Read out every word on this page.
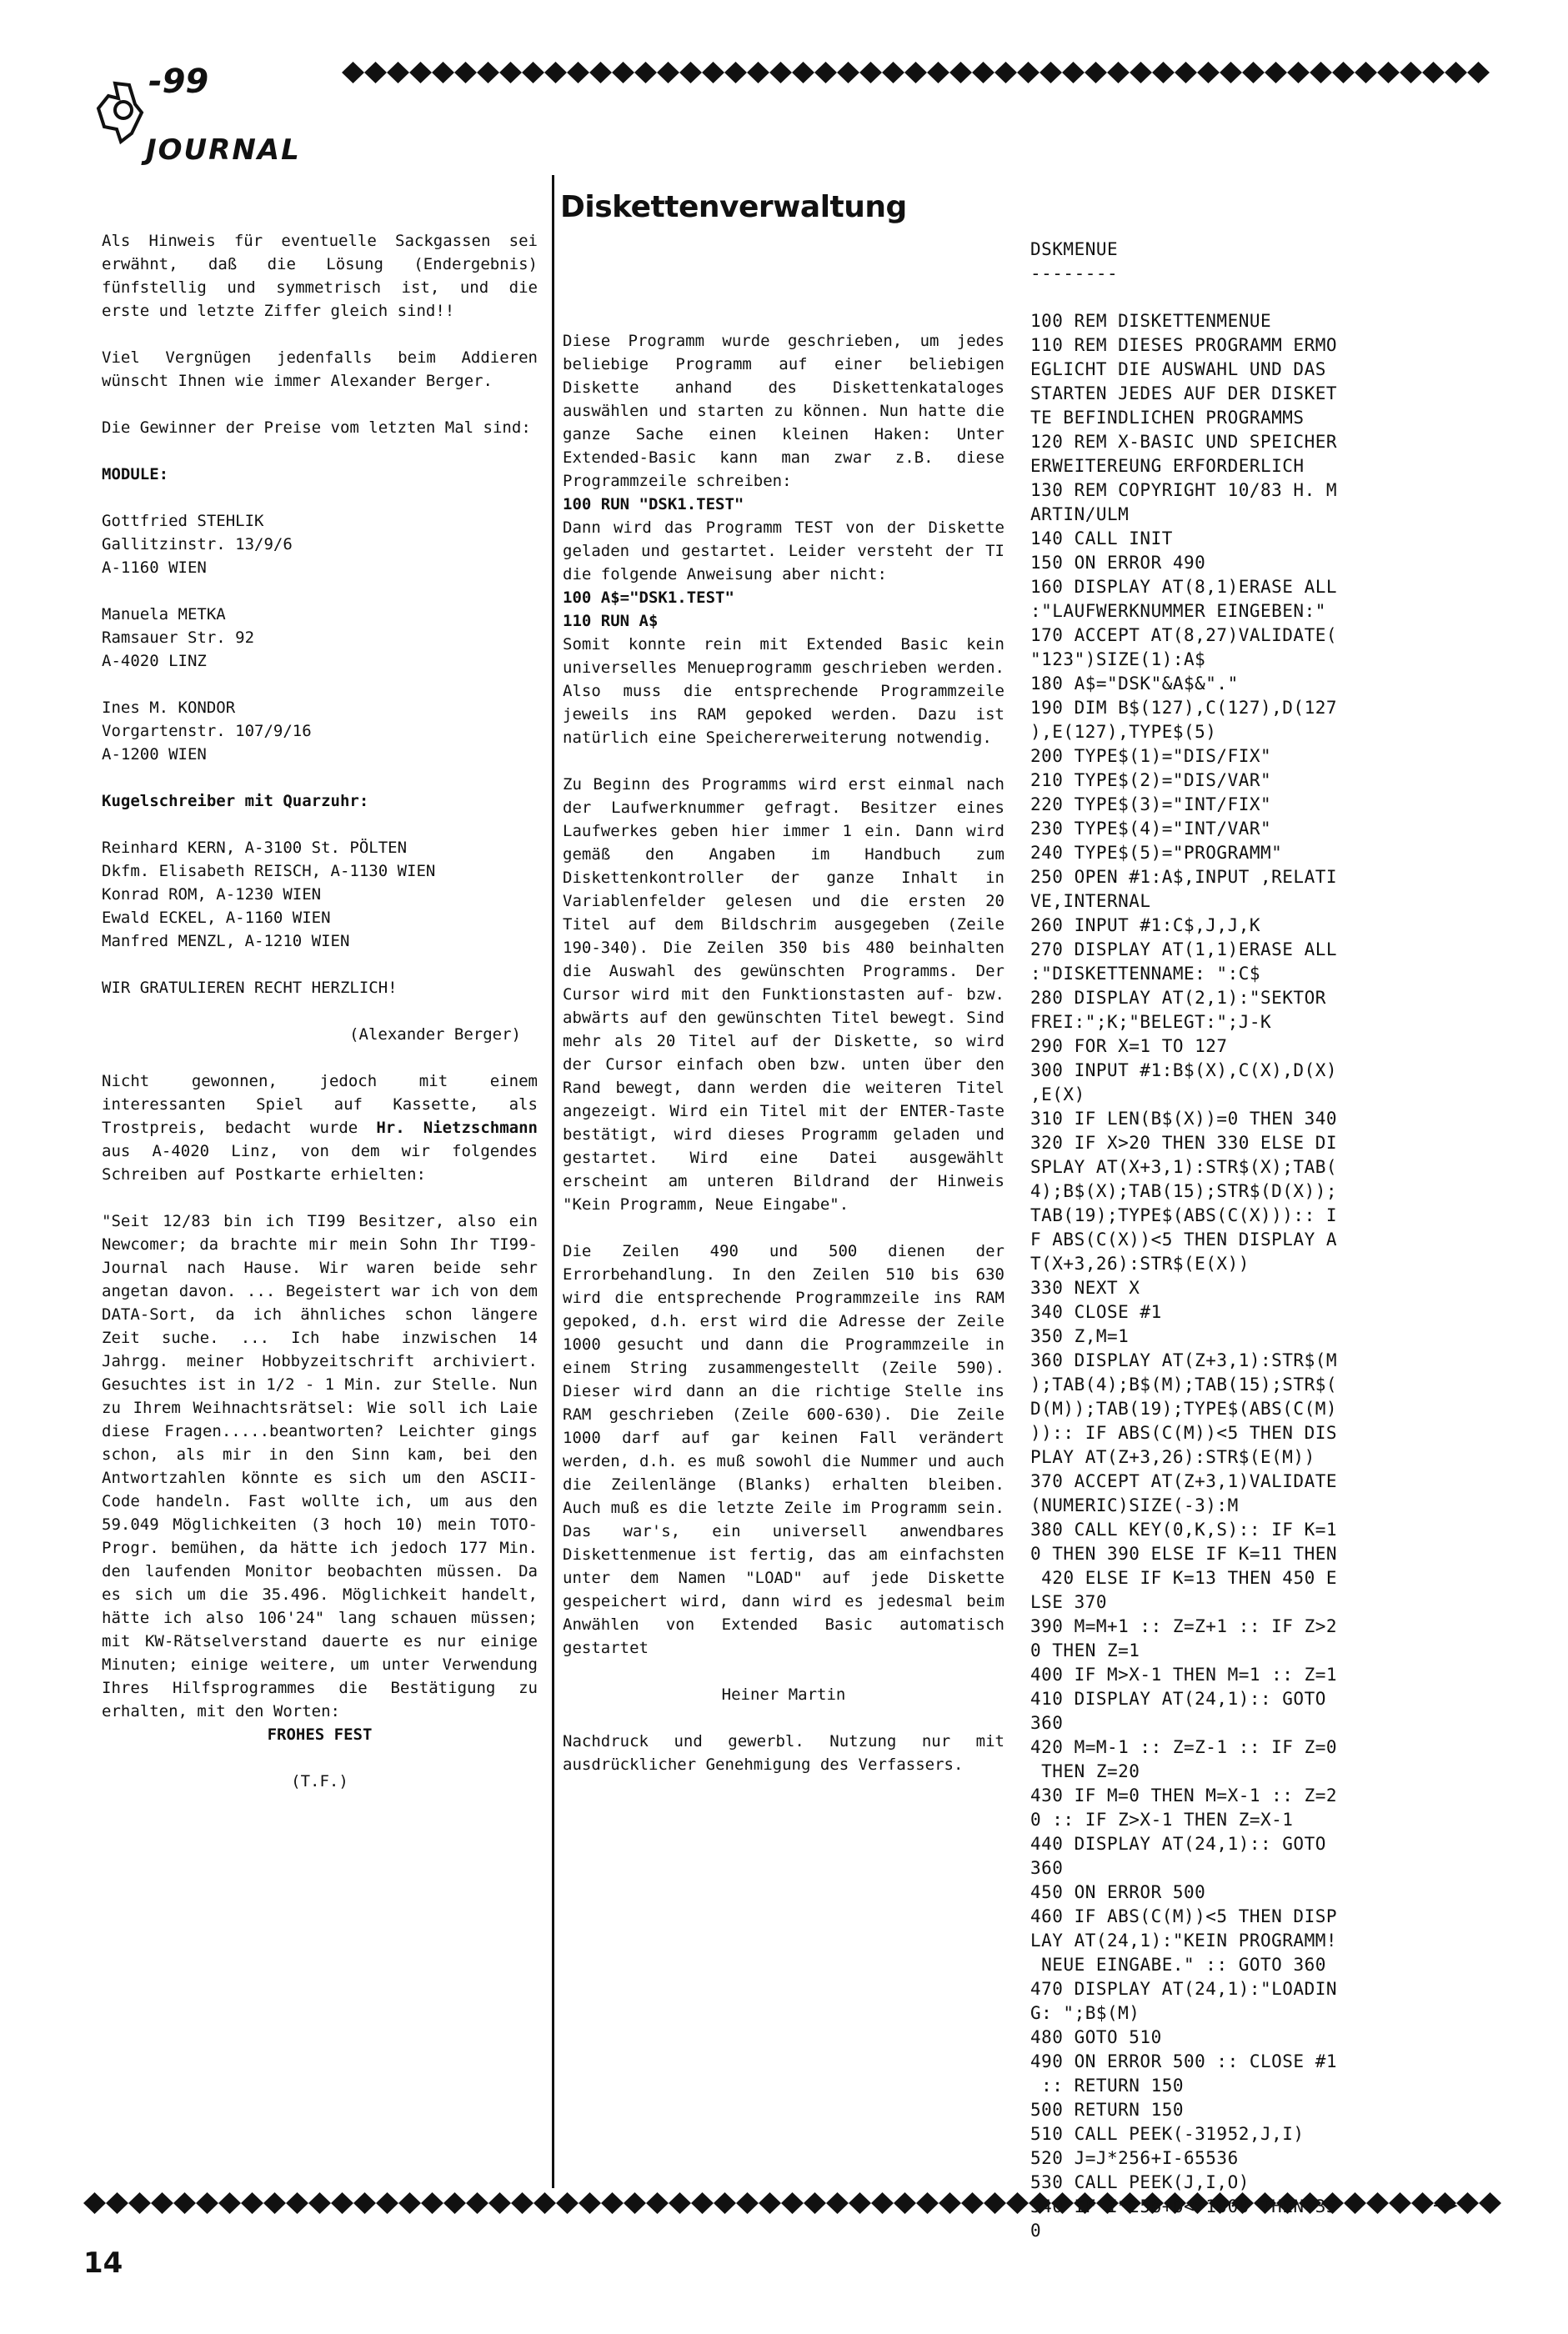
-99
JOURNAL

Als Hinweis für eventuelle Sackgassen sei erwähnt, daß die Lösung (Endergebnis) fünfstellig und symmetrisch ist, und die erste und letzte Ziffer gleich sind!!

Viel Vergnügen jedenfalls beim Addieren wünscht Ihnen wie immer Alexander Berger.

Die Gewinner der Preise vom letzten Mal sind:

MODULE:

Gottfried STEHLIK

Gallitzinstr. 13/9/6

A-1160 WIEN

Manuela METKA

Ramsauer Str. 92

A-4020 LINZ

Ines M. KONDOR

Vorgartenstr. 107/9/16

A-1200 WIEN

Kugelschreiber mit Quarzuhr:

Reinhard KERN, A-3100 St. PÖLTEN

Dkfm. Elisabeth REISCH, A-1130 WIEN

Konrad ROM, A-1230 WIEN

Ewald ECKEL, A-1160 WIEN

Manfred MENZL, A-1210 WIEN

WIR GRATULIEREN RECHT HERZLICH!

(Alexander Berger)

Nicht gewonnen, jedoch mit einem interessanten Spiel auf Kassette, als Trostpreis, bedacht wurde Hr. Nietzschmann aus A-4020 Linz, von dem wir folgendes Schreiben auf Postkarte erhielten:

"Seit 12/83 bin ich TI99 Besitzer, also ein Newcomer; da brachte mir mein Sohn Ihr TI99-Journal nach Hause. Wir waren beide sehr angetan davon. ... Begeistert war ich von dem DATA-Sort, da ich ähnliches schon längere Zeit suche. ... Ich habe inzwischen 14 Jahrgg. meiner Hobbyzeitschrift archiviert. Gesuchtes ist in 1/2 - 1 Min. zur Stelle. Nun zu Ihrem Weihnachtsrätsel: Wie soll ich Laie diese Fragen.....beantworten? Leichter gings schon, als mir in den Sinn kam, bei den Antwortzahlen könnte es sich um den ASCII-Code handeln. Fast wollte ich, um aus den 59.049 Möglichkeiten (3 hoch 10) mein TOTO-Progr. bemühen, da hätte ich jedoch 177 Min. den laufenden Monitor beobachten müssen. Da es sich um die 35.496. Möglichkeit handelt, hätte ich also 106'24" lang schauen müssen; mit KW-Rätselverstand dauerte es nur einige Minuten; einige weitere, um unter Verwendung Ihres Hilfsprogrammes die Bestätigung zu erhalten, mit den Worten:

FROHES FEST

(T.F.)

Diskettenverwaltung

Diese Programm wurde geschrieben, um jedes beliebige Programm auf einer beliebigen Diskette anhand des Diskettenkataloges auswählen und starten zu können. Nun hatte die ganze Sache einen kleinen Haken: Unter Extended-Basic kann man zwar z.B. diese Programmzeile schreiben:

100 RUN "DSK1.TEST"

Dann wird das Programm TEST von der Diskette geladen und gestartet. Leider versteht der TI die folgende Anweisung aber nicht:

100 A$="DSK1.TEST"

110 RUN A$

Somit konnte rein mit Extended Basic kein universelles Menueprogramm geschrieben werden. Also muss die entsprechende Programmzeile jeweils ins RAM gepoked werden. Dazu ist natürlich eine Speichererweiterung notwendig.

Zu Beginn des Programms wird erst einmal nach der Laufwerknummer gefragt. Besitzer eines Laufwerkes geben hier immer 1 ein. Dann wird gemäß den Angaben im Handbuch zum Diskettenkontroller der ganze Inhalt in Variablenfelder gelesen und die ersten 20 Titel auf dem Bildschrim ausgegeben (Zeile 190-340). Die Zeilen 350 bis 480 beinhalten die Auswahl des gewünschten Programms. Der Cursor wird mit den Funktionstasten auf- bzw. abwärts auf den gewünschten Titel bewegt. Sind mehr als 20 Titel auf der Diskette, so wird der Cursor einfach oben bzw. unten über den Rand bewegt, dann werden die weiteren Titel angezeigt. Wird ein Titel mit der ENTER-Taste bestätigt, wird dieses Programm geladen und gestartet. Wird eine Datei ausgewählt erscheint am unteren Bildrand der Hinweis "Kein Programm, Neue Eingabe".

Die Zeilen 490 und 500 dienen der Errorbehandlung. In den Zeilen 510 bis 630 wird die entsprechende Programmzeile ins RAM gepoked, d.h. erst wird die Adresse der Zeile 1000 gesucht und dann die Programmzeile in einem String zusammengestellt (Zeile 590). Dieser wird dann an die richtige Stelle ins RAM geschrieben (Zeile 600-630). Die Zeile 1000 darf auf gar keinen Fall verändert werden, d.h. es muß sowohl die Nummer und auch die Zeilenlänge (Blanks) erhalten bleiben. Auch muß es die letzte Zeile im Programm sein. Das war's, ein universell anwendbares Diskettenmenue ist fertig, das am einfachsten unter dem Namen "LOAD" auf jede Diskette gespeichert wird, dann wird es jedesmal beim Anwählen von Extended Basic automatisch gestartet

Heiner Martin

Nachdruck und gewerbl. Nutzung nur mit ausdrücklicher Genehmigung des Verfassers.

DSKMENUE

--------

100 REM DISKETTENMENUE

110 REM DIESES PROGRAMM ERMO

EGLICHT DIE AUSWAHL UND DAS

STARTEN JEDES AUF DER DISKET

TE BEFINDLICHEN PROGRAMMS

120 REM X-BASIC UND SPEICHER

ERWEITEREUNG ERFORDERLICH

130 REM COPYRIGHT 10/83 H. M

ARTIN/ULM

140 CALL INIT

150 ON ERROR 490

160 DISPLAY AT(8,1)ERASE ALL

:"LAUFWERKNUMMER EINGEBEN:"

170 ACCEPT AT(8,27)VALIDATE(

"123")SIZE(1):A$

180 A$="DSK"&A$&"."

190 DIM B$(127),C(127),D(127

),E(127),TYPE$(5)

200 TYPE$(1)="DIS/FIX"

210 TYPE$(2)="DIS/VAR"

220 TYPE$(3)="INT/FIX"

230 TYPE$(4)="INT/VAR"

240 TYPE$(5)="PROGRAMM"

250 OPEN #1:A$,INPUT ,RELATI

VE,INTERNAL

260 INPUT #1:C$,J,J,K

270 DISPLAY AT(1,1)ERASE ALL

:"DISKETTENNAME: ":C$

280 DISPLAY AT(2,1):"SEKTOR

FREI:";K;"BELEGT:";J-K

290 FOR X=1 TO 127

300 INPUT #1:B$(X),C(X),D(X)

,E(X)

310 IF LEN(B$(X))=0 THEN 340

320 IF X>20 THEN 330 ELSE DI

SPLAY AT(X+3,1):STR$(X);TAB(

4);B$(X);TAB(15);STR$(D(X));

TAB(19);TYPE$(ABS(C(X))):: I

F ABS(C(X))<5 THEN DISPLAY A

T(X+3,26):STR$(E(X))

330 NEXT X

340 CLOSE #1

350 Z,M=1

360 DISPLAY AT(Z+3,1):STR$(M

);TAB(4);B$(M);TAB(15);STR$(

D(M));TAB(19);TYPE$(ABS(C(M)

)):: IF ABS(C(M))<5 THEN DIS

PLAY AT(Z+3,26):STR$(E(M))

370 ACCEPT AT(Z+3,1)VALIDATE

(NUMERIC)SIZE(-3):M

380 CALL KEY(0,K,S):: IF K=1

0 THEN 390 ELSE IF K=11 THEN

420 ELSE IF K=13 THEN 450 E

LSE 370

390 M=M+1 :: Z=Z+1 :: IF Z>2

0 THEN Z=1

400 IF M>X-1 THEN M=1 :: Z=1

410 DISPLAY AT(24,1):: GOTO

360

420 M=M-1 :: Z=Z-1 :: IF Z=0

THEN Z=20

430 IF M=0 THEN M=X-1 :: Z=2

0 :: IF Z>X-1 THEN Z=X-1

440 DISPLAY AT(24,1):: GOTO

360

450 ON ERROR 500

460 IF ABS(C(M))<5 THEN DISP

LAY AT(24,1):"KEIN PROGRAMM!

NEUE EINGABE." :: GOTO 360

470 DISPLAY AT(24,1):"LOADIN

G: ";B$(M)

480 GOTO 510

490 ON ERROR 500 :: CLOSE #1

:: RETURN 150

500 RETURN 150

510 CALL PEEK(-31952,J,I)

520 J=J*256+I-65536

530 CALL PEEK(J,I,O)

540 IF I*256+O<>1000 THEN 35

0

—▸
14
